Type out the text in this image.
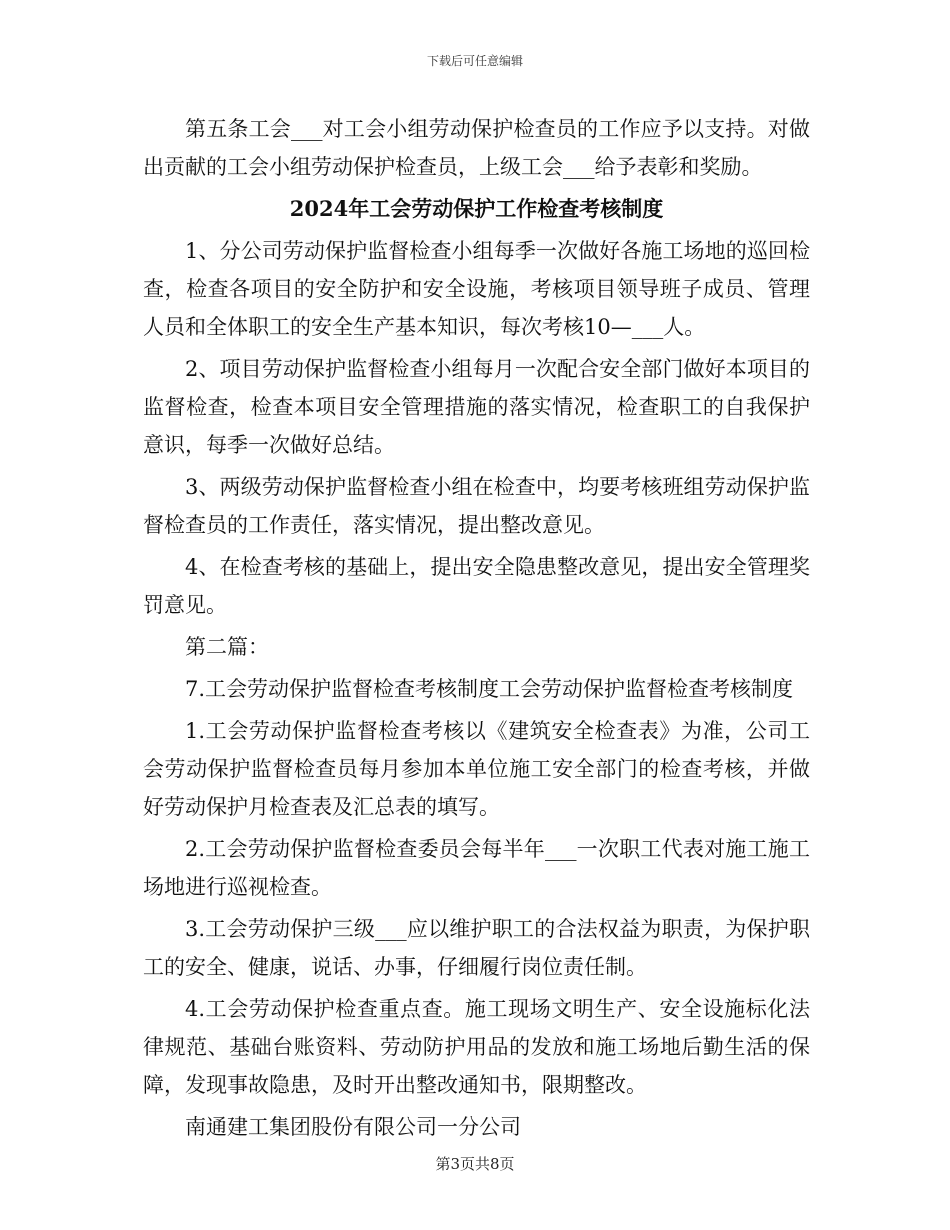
下载后可任意编辑

第五条工会___对工会小组劳动保护检查员的工作应予以支持。对做出贡献的工会小组劳动保护检查员，上级工会___给予表彰和奖励。

2024年工会劳动保护工作检查考核制度

1、分公司劳动保护监督检查小组每季一次做好各施工场地的巡回检查，检查各项目的安全防护和安全设施，考核项目领导班子成员、管理人员和全体职工的安全生产基本知识，每次考核10—___人。

2、项目劳动保护监督检查小组每月一次配合安全部门做好本项目的监督检查，检查本项目安全管理措施的落实情况，检查职工的自我保护意识，每季一次做好总结。

3、两级劳动保护监督检查小组在检查中，均要考核班组劳动保护监督检查员的工作责任，落实情况，提出整改意见。

4、在检查考核的基础上，提出安全隐患整改意见，提出安全管理奖罚意见。

第二篇：

7.工会劳动保护监督检查考核制度工会劳动保护监督检查考核制度

1.工会劳动保护监督检查考核以《建筑安全检查表》为准，公司工会劳动保护监督检查员每月参加本单位施工安全部门的检查考核，并做好劳动保护月检查表及汇总表的填写。

2.工会劳动保护监督检查委员会每半年___一次职工代表对施工施工场地进行巡视检查。

3.工会劳动保护三级___应以维护职工的合法权益为职责，为保护职工的安全、健康，说话、办事，仔细履行岗位责任制。

4.工会劳动保护检查重点查。施工现场文明生产、安全设施标化法律规范、基础台账资料、劳动防护用品的发放和施工场地后勤生活的保障，发现事故隐患，及时开出整改通知书，限期整改。

南通建工集团股份有限公司一分公司

第3页共8页
